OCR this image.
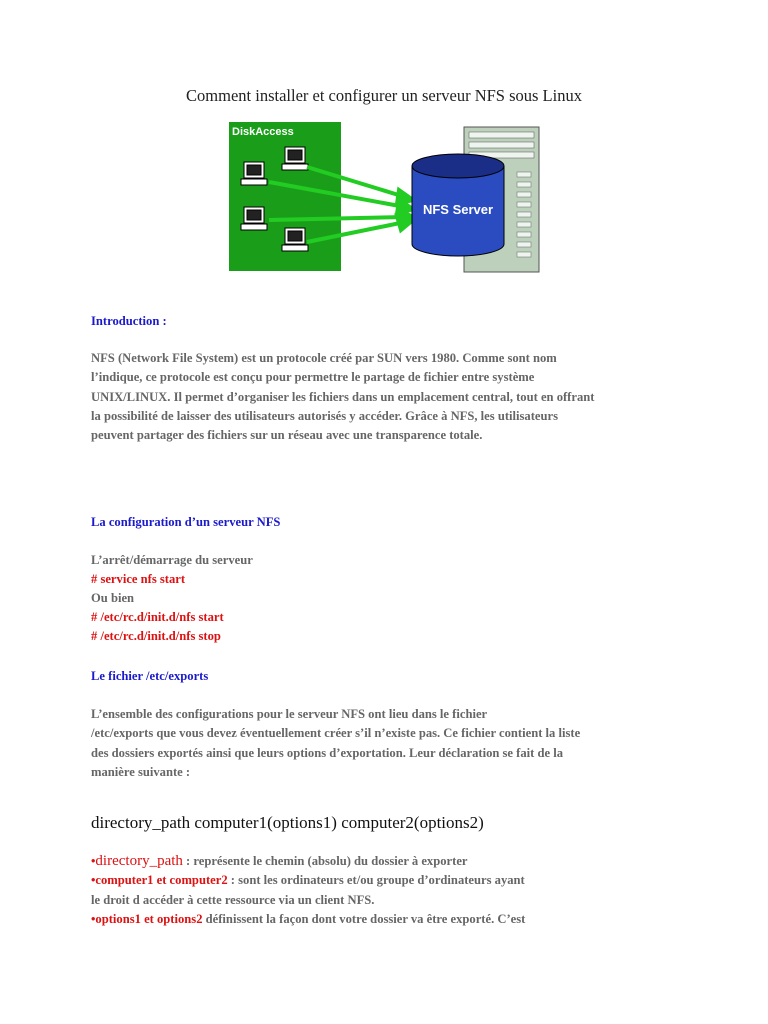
Comment installer et configurer un serveur NFS sous Linux
DiskAccess
NFS Server
Introduction :
NFS (Network File System) est un protocole créé par SUN vers 1980. Comme sont nom
l’indique, ce protocole est conçu pour permettre le partage de fichier entre système
UNIX/LINUX. Il permet d’organiser les fichiers dans un emplacement central, tout en offrant
la possibilité de laisser des utilisateurs autorisés y accéder. Grâce à NFS, les utilisateurs
peuvent partager des fichiers sur un réseau avec une transparence totale.
La configuration d’un serveur NFS
L’arrêt/démarrage du serveur
# service nfs start
Ou bien
# /etc/rc.d/init.d/nfs start
# /etc/rc.d/init.d/nfs stop
Le fichier /etc/exports
L’ensemble des configurations pour le serveur NFS ont lieu dans le fichier
/etc/exports que vous devez éventuellement créer s’il n’existe pas. Ce fichier contient la liste
des dossiers exportés ainsi que leurs options d’exportation. Leur déclaration se fait de la
manière suivante :
directory_path computer1(options1) computer2(options2)
•directory_path : représente le chemin (absolu) du dossier à exporter
•computer1 et computer2 : sont les ordinateurs et/ou groupe d’ordinateurs ayant
le droit d accéder à cette ressource via un client NFS.
•options1 et options2 définissent la façon dont votre dossier va être exporté. C’est
